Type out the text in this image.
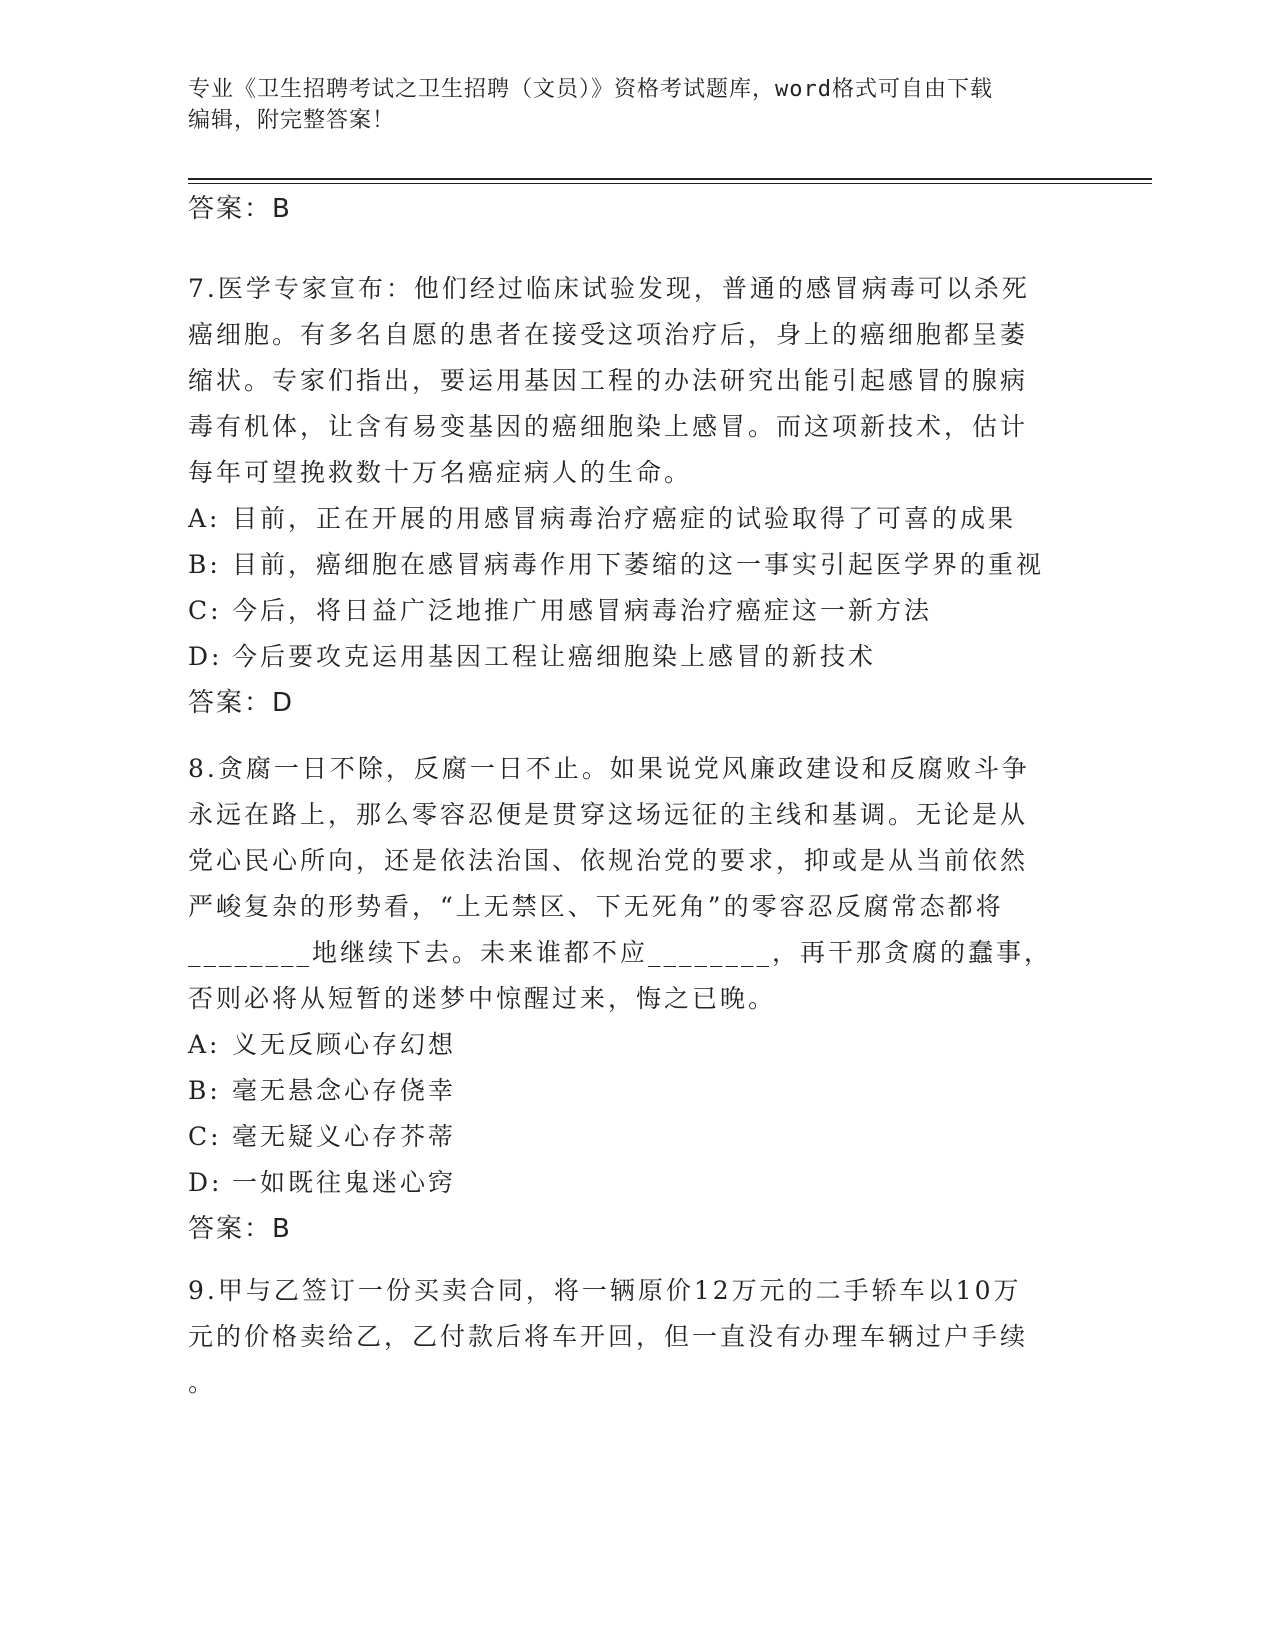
专业《卫生招聘考试之卫生招聘（文员）》资格考试题库，word格式可自由下载
编辑，附完整答案！
答案：B

7.医学专家宣布：他们经过临床试验发现，普通的感冒病毒可以杀死

癌细胞。有多名自愿的患者在接受这项治疗后，身上的癌细胞都呈萎

缩状。专家们指出，要运用基因工程的办法研究出能引起感冒的腺病

毒有机体，让含有易变基因的癌细胞染上感冒。而这项新技术，估计

每年可望挽救数十万名癌症病人的生命。

A: 目前，正在开展的用感冒病毒治疗癌症的试验取得了可喜的成果
B: 目前，癌细胞在感冒病毒作用下萎缩的这一事实引起医学界的重视
C: 今后，将日益广泛地推广用感冒病毒治疗癌症这一新方法
D: 今后要攻克运用基因工程让癌细胞染上感冒的新技术

答案：D

8.贪腐一日不除，反腐一日不止。如果说党风廉政建设和反腐败斗争

永远在路上，那么零容忍便是贯穿这场远征的主线和基调。无论是从

党心民心所向，还是依法治国、依规治党的要求，抑或是从当前依然

严峻复杂的形势看，“上无禁区、下无死角”的零容忍反腐常态都将

________地继续下去。未来谁都不应________，再干那贪腐的蠢事，

否则必将从短暂的迷梦中惊醒过来，悔之已晚。

A: 义无反顾心存幻想
B: 毫无悬念心存侥幸
C: 毫无疑义心存芥蒂
D: 一如既往鬼迷心窍

答案：B

9.甲与乙签订一份买卖合同，将一辆原价12万元的二手轿车以10万

元的价格卖给乙，乙付款后将车开回，但一直没有办理车辆过户手续

。
